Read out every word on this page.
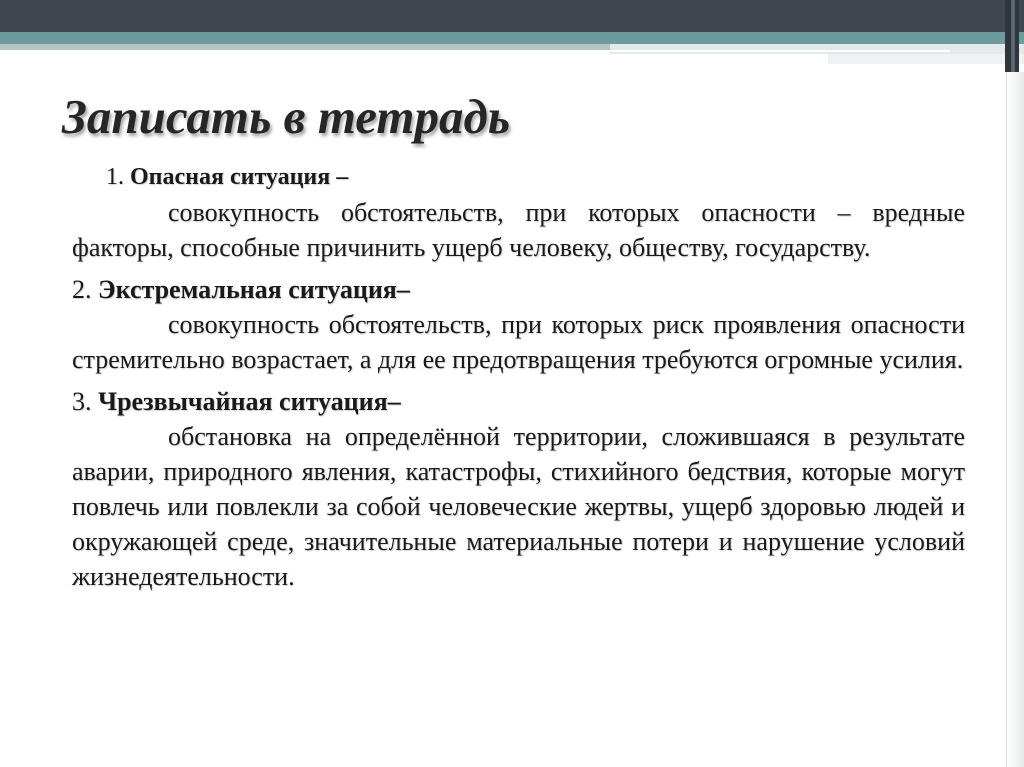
Записать в тетрадь

1. Опасная ситуация –

совокупность обстоятельств, при которых опасности – вредные факторы, способные причинить ущерб человеку, обществу, государству.

2. Экстремальная ситуация–

совокупность обстоятельств, при которых риск проявления опасности стремительно возрастает, а для ее предотвращения требуются огромные усилия.

3. Чрезвычайная ситуация–

обстановка на определённой территории, сложившаяся в результате аварии, природного явления, катастрофы, стихийного бедствия, которые могут повлечь или повлекли за собой человеческие жертвы, ущерб здоровью людей и окружающей среде, значительные материальные потери и нарушение условий жизнедеятельности.
